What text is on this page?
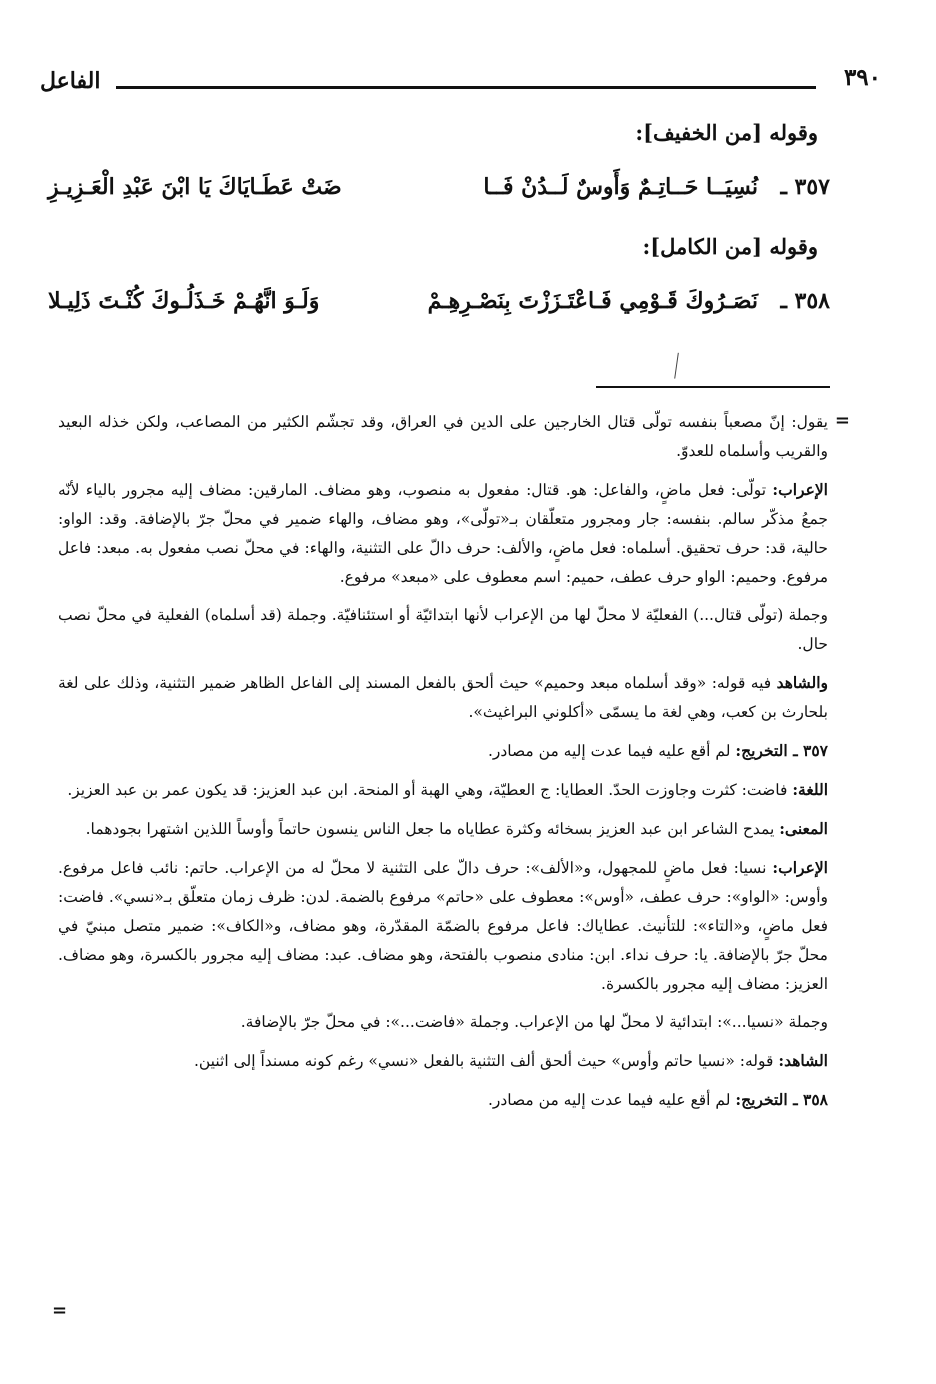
٣٩٠
الفاعل
وقوله [من الخفيف]:
٣٥٧ ـ
نُسِيَــا حَــاتِـمٌ وَأَوسٌ لَــدُنْ فَــا
ضَتْ عَطَـايَاكَ يَا ابْنَ عَبْدِ الْعَـزِيـزِ
وقوله [من الكامل]:
٣٥٨ ـ
نَصَـرُوكَ قَـوْمِي فَـاعْتَـزَزْتَ بِنَصْـرِهِـمْ
وَلَـوَ انَّهُـمْ خَـذَلُـوكَ كُنْـتَ ذَلِيـلا
=
=

يقول: إنّ مصعباً بنفسه تولّى قتال الخارجين على الدين في العراق، وقد تجشّم الكثير من المصاعب، ولكن خذله البعيد والقريب وأسلماه للعدوّ.

الإعراب: تولّى: فعل ماضٍ، والفاعل: هو. قتال: مفعول به منصوب، وهو مضاف. المارقين: مضاف إليه مجرور بالياء لأنّه جمعُ مذكّر سالم. بنفسه: جار ومجرور متعلّقان بـ«تولّى»، وهو مضاف، والهاء ضمير في محلّ جرّ بالإضافة. وقد: الواو: حالية، قد: حرف تحقيق. أسلماه: فعل ماضٍ، والألف: حرف دالّ على التثنية، والهاء: في محلّ نصب مفعول به. مبعد: فاعل مرفوع. وحميم: الواو حرف عطف، حميم: اسم معطوف على «مبعد» مرفوع.

وجملة (تولّى قتال...) الفعليّة لا محلّ لها من الإعراب لأنها ابتدائيّة أو استئنافيّة. وجملة (قد أسلماه) الفعلية في محلّ نصب حال.

والشاهد فيه قوله: «وقد أسلماه مبعد وحميم» حيث ألحق بالفعل المسند إلى الفاعل الظاهر ضمير التثنية، وذلك على لغة بلحارث بن كعب، وهي لغة ما يسمّى «أكلوني البراغيث».

٣٥٧ ـ التخريج: لم أقع عليه فيما عدت إليه من مصادر.

اللغة: فاضت: كثرت وجاوزت الحدّ. العطايا: ج العطيّة، وهي الهبة أو المنحة. ابن عبد العزيز: قد يكون عمر بن عبد العزيز.

المعنى: يمدح الشاعر ابن عبد العزيز بسخائه وكثرة عطاياه ما جعل الناس ينسون حاتماً وأوساً اللذين اشتهرا بجودهما.

الإعراب: نسيا: فعل ماضٍ للمجهول، و«الألف»: حرف دالّ على التثنية لا محلّ له من الإعراب. حاتم: نائب فاعل مرفوع. وأوس: «الواو»: حرف عطف، «أوس»: معطوف على «حاتم» مرفوع بالضمة. لدن: ظرف زمان متعلّق بـ«نسي». فاضت: فعل ماضٍ، و«التاء»: للتأنيث. عطاياك: فاعل مرفوع بالضمّة المقدّرة، وهو مضاف، و«الكاف»: ضمير متصل مبنيّ في محلّ جرّ بالإضافة. يا: حرف نداء. ابن: منادى منصوب بالفتحة، وهو مضاف. عبد: مضاف إليه مجرور بالكسرة، وهو مضاف. العزيز: مضاف إليه مجرور بالكسرة.

وجملة «نسيا...»: ابتدائية لا محلّ لها من الإعراب. وجملة «فاضت...»: في محلّ جرّ بالإضافة.

الشاهد: قوله: «نسيا حاتم وأوس» حيث ألحق ألف التثنية بالفعل «نسي» رغم كونه مسنداً إلى اثنين.

٣٥٨ ـ التخريج: لم أقع عليه فيما عدت إليه من مصادر.
